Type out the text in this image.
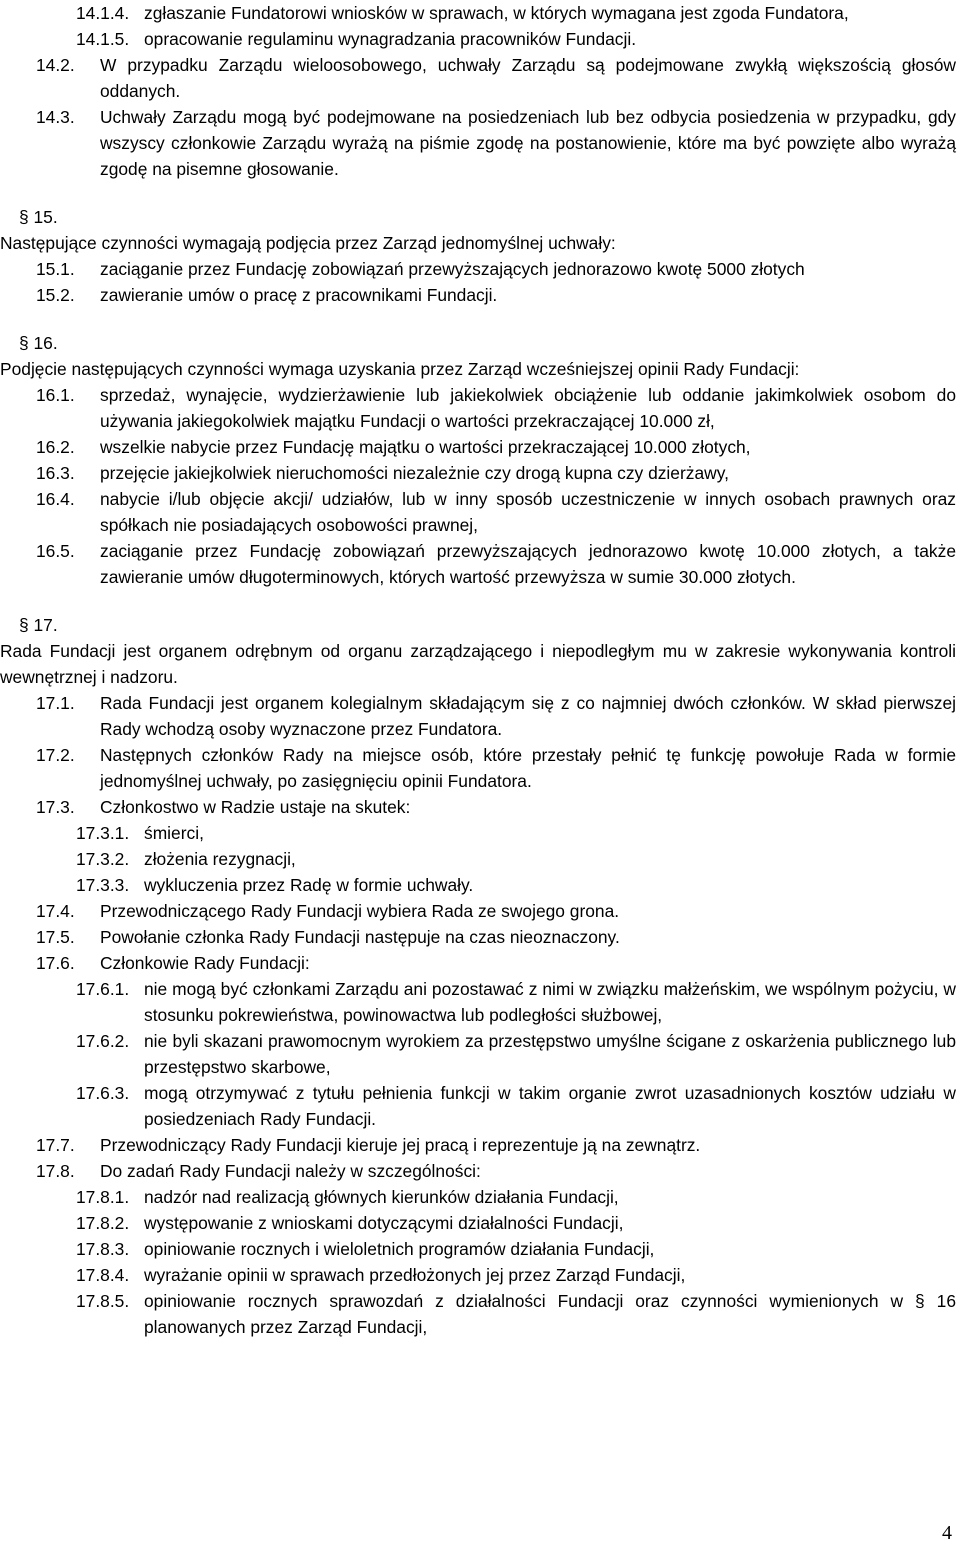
14.1.4. zgłaszanie Fundatorowi wniosków w sprawach, w których wymagana jest zgoda Fundatora,
14.1.5. opracowanie regulaminu wynagradzania pracowników Fundacji.
14.2.	W przypadku Zarządu wieloosobowego, uchwały Zarządu są podejmowane zwykłą większością głosów oddanych.
14.3.	Uchwały Zarządu mogą być podejmowane na posiedzeniach lub bez odbycia posiedzenia w przypadku, gdy wszyscy członkowie Zarządu wyrażą na piśmie zgodę na postanowienie, które ma być powzięte albo wyrażą zgodę na pisemne głosowanie.
§ 15.
Następujące czynności wymagają podjęcia przez Zarząd jednomyślnej uchwały:
15.1.	zaciąganie przez Fundację zobowiązań przewyższających jednorazowo kwotę 5000 złotych
15.2.	zawieranie umów o pracę z pracownikami Fundacji.
§ 16.
Podjęcie następujących czynności wymaga uzyskania przez Zarząd wcześniejszej opinii Rady Fundacji:
16.1.	sprzedaż, wynajęcie, wydzierżawienie lub jakiekolwiek obciążenie lub oddanie jakimkolwiek osobom do używania jakiegokolwiek majątku Fundacji o wartości przekraczającej 10.000 zł,
16.2.	wszelkie nabycie przez Fundację majątku o wartości przekraczającej 10.000 złotych,
16.3.	przejęcie jakiejkolwiek nieruchomości niezależnie czy drogą kupna czy dzierżawy,
16.4.	nabycie i/lub objęcie akcji/ udziałów, lub w inny sposób uczestniczenie w innych osobach prawnych oraz spółkach nie posiadających osobowości prawnej,
16.5.	zaciąganie przez Fundację zobowiązań przewyższających jednorazowo kwotę 10.000 złotych, a także zawieranie umów długoterminowych, których wartość przewyższa w sumie 30.000 złotych.
§ 17.
Rada Fundacji jest organem odrębnym od organu zarządzającego i niepodległym mu w zakresie wykonywania kontroli wewnętrznej i nadzoru.
17.1.	Rada Fundacji jest organem kolegialnym składającym się z co najmniej dwóch członków. W skład pierwszej Rady wchodzą osoby wyznaczone przez Fundatora.
17.2.	Następnych członków Rady na miejsce osób, które przestały pełnić tę funkcję powołuje Rada w formie jednomyślnej uchwały, po zasięgnięciu opinii Fundatora.
17.3.	Członkostwo w Radzie ustaje na skutek:
17.3.1. śmierci,
17.3.2. złożenia rezygnacji,
17.3.3. wykluczenia przez Radę w formie uchwały.
17.4.	Przewodniczącego Rady Fundacji wybiera Rada ze swojego grona.
17.5.	Powołanie członka Rady Fundacji następuje na czas nieoznaczony.
17.6.	Członkowie Rady Fundacji:
17.6.1. nie mogą być członkami Zarządu ani pozostawać z nimi w związku małżeńskim, we wspólnym pożyciu, w stosunku pokrewieństwa, powinowactwa lub podległości służbowej,
17.6.2. nie byli skazani prawomocnym wyrokiem za przestępstwo umyślne ścigane z oskarżenia publicznego lub przestępstwo skarbowe,
17.6.3. mogą otrzymywać z tytułu pełnienia funkcji w takim organie zwrot uzasadnionych kosztów udziału w posiedzeniach Rady Fundacji.
17.7.	Przewodniczący Rady Fundacji kieruje jej pracą i reprezentuje ją na zewnątrz.
17.8.	Do zadań Rady Fundacji należy w szczególności:
17.8.1. nadzór nad realizacją głównych kierunków działania Fundacji,
17.8.2. występowanie z wnioskami dotyczącymi działalności Fundacji,
17.8.3. opiniowanie rocznych i wieloletnich programów działania Fundacji,
17.8.4. wyrażanie opinii w sprawach przedłożonych jej przez Zarząd Fundacji,
17.8.5. opiniowanie rocznych sprawozdań z działalności Fundacji oraz czynności wymienionych w § 16 planowanych przez Zarząd Fundacji,
4
